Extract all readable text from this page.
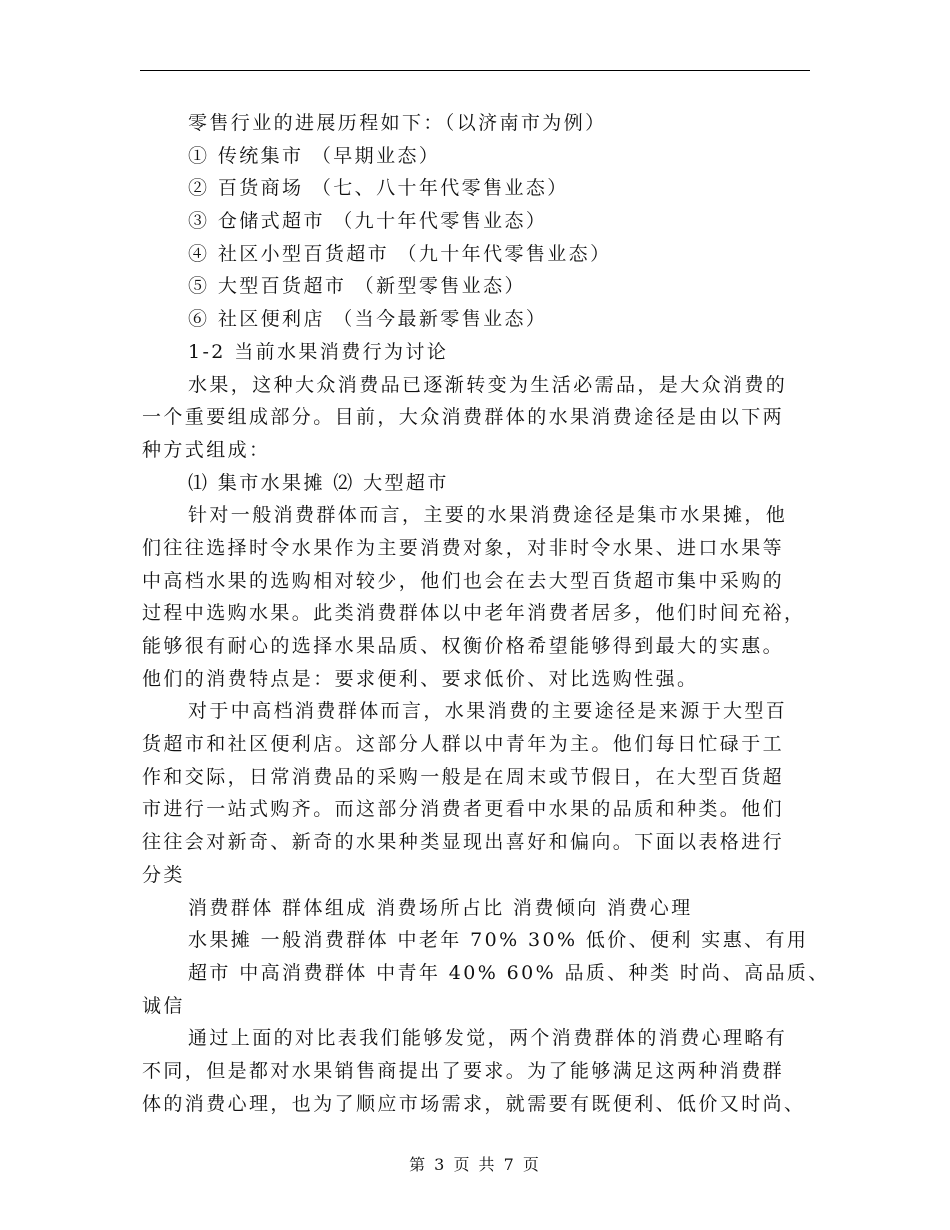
零售行业的进展历程如下：（以济南市为例）
① 传统集市 （早期业态）
② 百货商场 （七、八十年代零售业态）
③ 仓储式超市 （九十年代零售业态）
④ 社区小型百货超市 （九十年代零售业态）
⑤ 大型百货超市 （新型零售业态）
⑥ 社区便利店 （当今最新零售业态）
1-2 当前水果消费行为讨论
水果，这种大众消费品已逐渐转变为生活必需品，是大众消费的
一个重要组成部分。目前，大众消费群体的水果消费途径是由以下两
种方式组成：
⑴ 集市水果摊 ⑵ 大型超市
针对一般消费群体而言，主要的水果消费途径是集市水果摊，他
们往往选择时令水果作为主要消费对象，对非时令水果、进口水果等
中高档水果的选购相对较少，他们也会在去大型百货超市集中采购的
过程中选购水果。此类消费群体以中老年消费者居多，他们时间充裕，
能够很有耐心的选择水果品质、权衡价格希望能够得到最大的实惠。
他们的消费特点是：要求便利、要求低价、对比选购性强。
对于中高档消费群体而言，水果消费的主要途径是来源于大型百
货超市和社区便利店。这部分人群以中青年为主。他们每日忙碌于工
作和交际，日常消费品的采购一般是在周末或节假日，在大型百货超
市进行一站式购齐。而这部分消费者更看中水果的品质和种类。他们
往往会对新奇、新奇的水果种类显现出喜好和偏向。下面以表格进行
分类
消费群体 群体组成 消费场所占比 消费倾向 消费心理
水果摊 一般消费群体 中老年 70% 30% 低价、便利 实惠、有用
超市 中高消费群体 中青年 40% 60% 品质、种类 时尚、高品质、
诚信
通过上面的对比表我们能够发觉，两个消费群体的消费心理略有
不同，但是都对水果销售商提出了要求。为了能够满足这两种消费群
体的消费心理，也为了顺应市场需求，就需要有既便利、低价又时尚、
第 3 页 共 7 页
